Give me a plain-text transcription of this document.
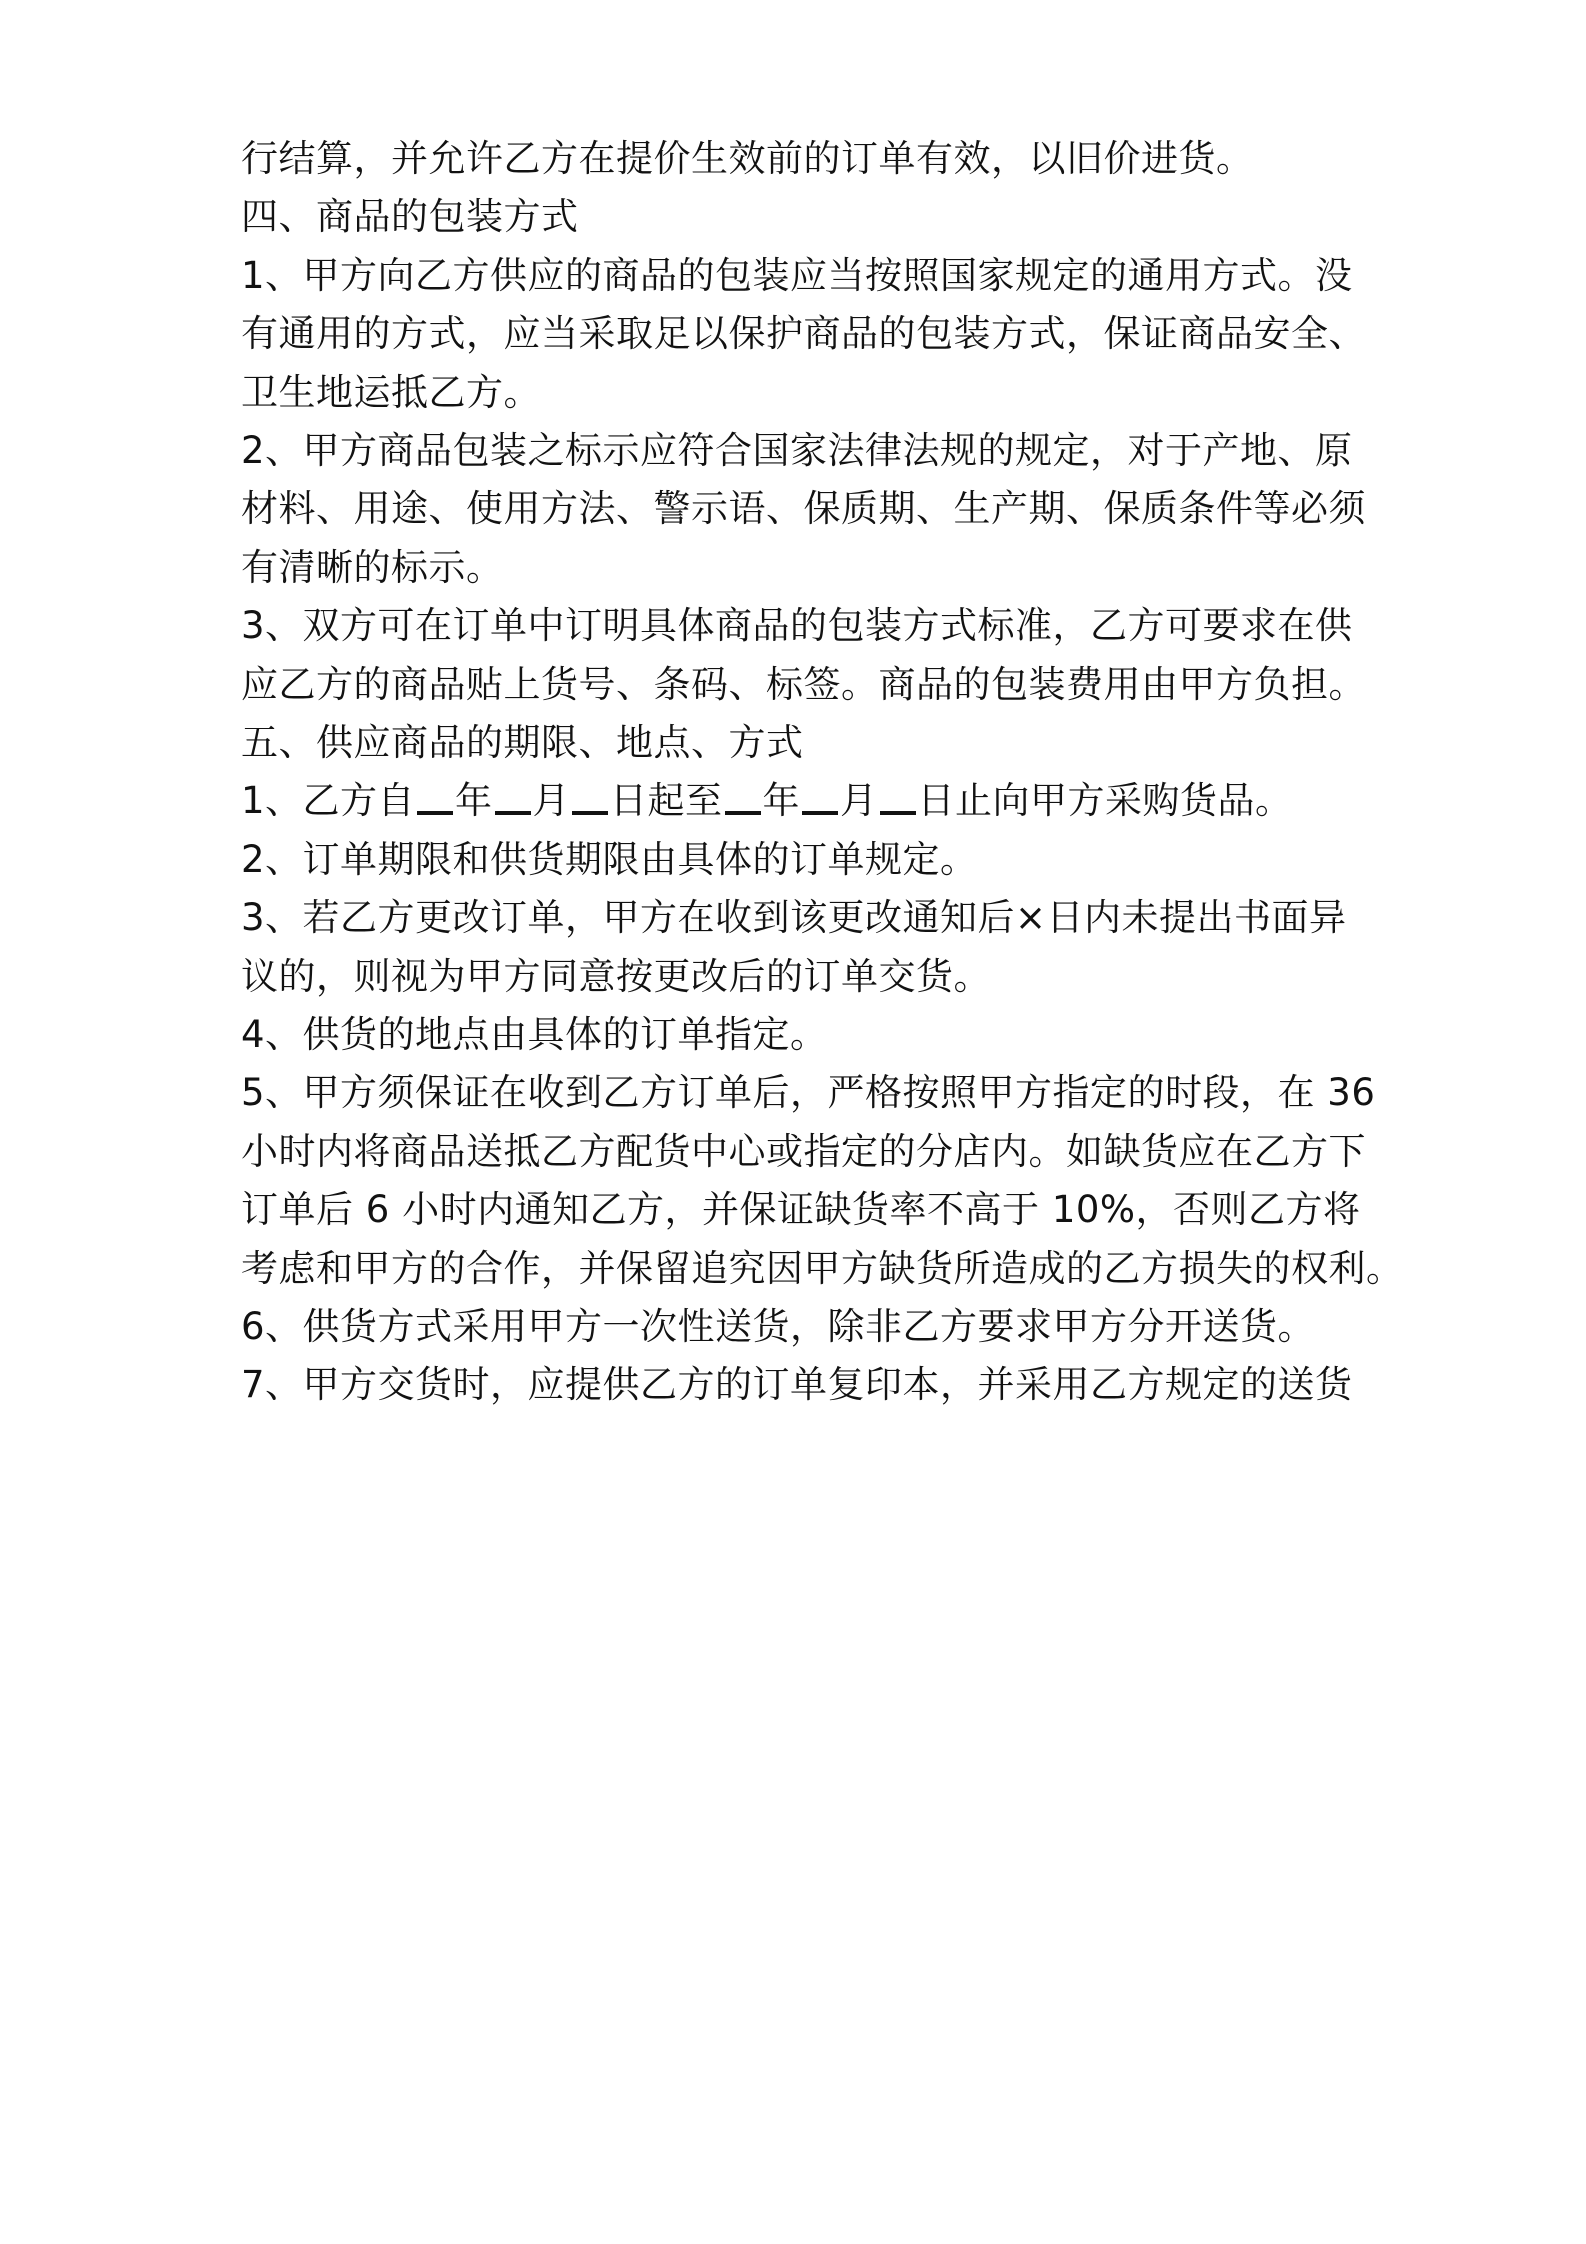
行结算，并允许乙方在提价生效前的订单有效，以旧价进货。
四、商品的包装方式
1、甲方向乙方供应的商品的包装应当按照国家规定的通用方式。没
有通用的方式，应当采取足以保护商品的包装方式，保证商品安全、
卫生地运抵乙方。
2、甲方商品包装之标示应符合国家法律法规的规定，对于产地、原
材料、用途、使用方法、警示语、保质期、生产期、保质条件等必须
有清晰的标示。
3、双方可在订单中订明具体商品的包装方式标准，乙方可要求在供
应乙方的商品贴上货号、条码、标签。商品的包装费用由甲方负担。
五、供应商品的期限、地点、方式
1、乙方自 年 月 日起至 年 月 日止向甲方采购货品。
2、订单期限和供货期限由具体的订单规定。
3、若乙方更改订单，甲方在收到该更改通知后×日内未提出书面异
议的，则视为甲方同意按更改后的订单交货。
4、供货的地点由具体的订单指定。
5、甲方须保证在收到乙方订单后，严格按照甲方指定的时段，在 36
小时内将商品送抵乙方配货中心或指定的分店内。如缺货应在乙方下
订单后 6 小时内通知乙方，并保证缺货率不高于 10%，否则乙方将
考虑和甲方的合作，并保留追究因甲方缺货所造成的乙方损失的权利。
6、供货方式采用甲方一次性送货，除非乙方要求甲方分开送货。
7、甲方交货时，应提供乙方的订单复印本，并采用乙方规定的送货
